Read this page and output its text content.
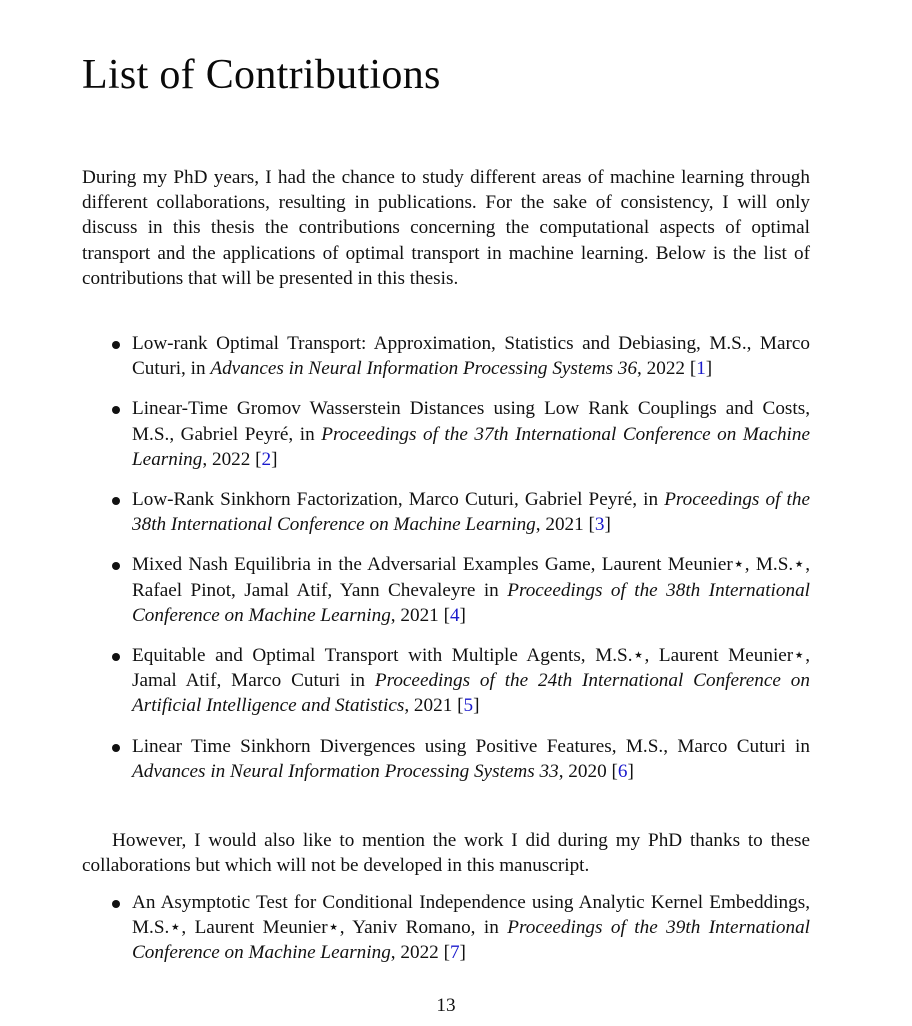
List of Contributions

During my PhD years, I had the chance to study different areas of machine learning through different collaborations, resulting in publications. For the sake of consistency, I will only discuss in this thesis the contributions concerning the computational aspects of optimal transport and the applications of optimal transport in machine learning. Below is the list of contributions that will be presented in this thesis.

Low-rank Optimal Transport: Approximation, Statistics and Debiasing, M.S., Marco Cuturi, in Advances in Neural Information Processing Systems 36, 2022 [1]
Linear-Time Gromov Wasserstein Distances using Low Rank Couplings and Costs, M.S., Gabriel Peyré, in Proceedings of the 37th International Conference on Machine Learning, 2022 [2]
Low-Rank Sinkhorn Factorization, Marco Cuturi, Gabriel Peyré, in Proceedings of the 38th International Conference on Machine Learning, 2021 [3]
Mixed Nash Equilibria in the Adversarial Examples Game, Laurent Meunier⋆, M.S.⋆, Rafael Pinot, Jamal Atif, Yann Chevaleyre in Proceedings of the 38th International Conference on Machine Learning, 2021 [4]
Equitable and Optimal Transport with Multiple Agents, M.S.⋆, Laurent Meunier⋆, Jamal Atif, Marco Cuturi in Proceedings of the 24th International Conference on Artificial Intelligence and Statistics, 2021 [5]
Linear Time Sinkhorn Divergences using Positive Features, M.S., Marco Cuturi in Advances in Neural Information Processing Systems 33, 2020 [6]

However, I would also like to mention the work I did during my PhD thanks to these collaborations but which will not be developed in this manuscript.

An Asymptotic Test for Conditional Independence using Analytic Kernel Embeddings, M.S.⋆, Laurent Meunier⋆, Yaniv Romano, in Proceedings of the 39th International Conference on Machine Learning, 2022 [7]
13
